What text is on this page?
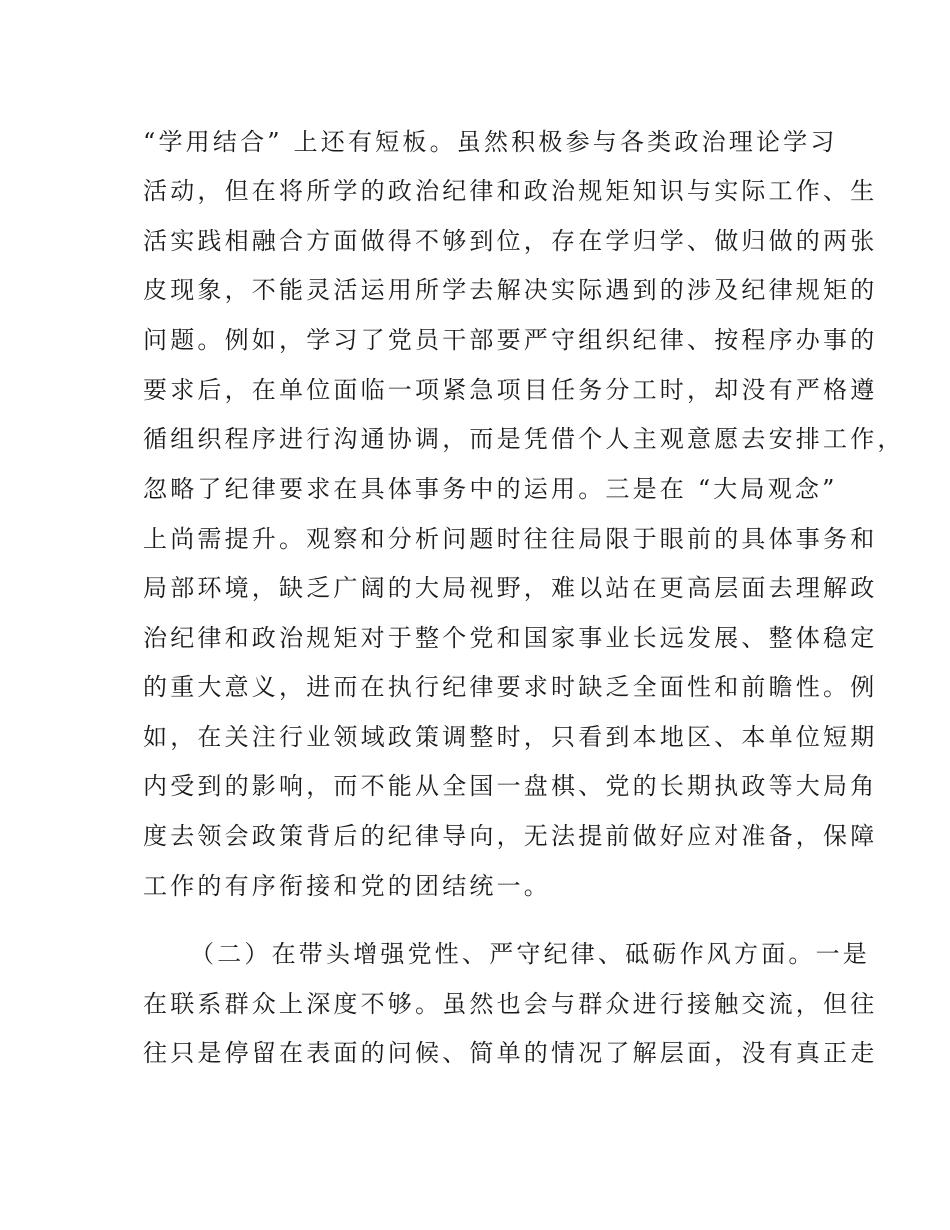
“学用结合” 上还有短板。虽然积极参与各类政治理论学习
活动，但在将所学的政治纪律和政治规矩知识与实际工作、生
活实践相融合方面做得不够到位，存在学归学、做归做的两张
皮现象，不能灵活运用所学去解决实际遇到的涉及纪律规矩的
问题。例如，学习了党员干部要严守组织纪律、按程序办事的
要求后，在单位面临一项紧急项目任务分工时，却没有严格遵
循组织程序进行沟通协调，而是凭借个人主观意愿去安排工作，
忽略了纪律要求在具体事务中的运用。三是在 “大局观念”
上尚需提升。观察和分析问题时往往局限于眼前的具体事务和
局部环境，缺乏广阔的大局视野，难以站在更高层面去理解政
治纪律和政治规矩对于整个党和国家事业长远发展、整体稳定
的重大意义，进而在执行纪律要求时缺乏全面性和前瞻性。例
如，在关注行业领域政策调整时，只看到本地区、本单位短期
内受到的影响，而不能从全国一盘棋、党的长期执政等大局角
度去领会政策背后的纪律导向，无法提前做好应对准备，保障
工作的有序衔接和党的团结统一。
（二）在带头增强党性、严守纪律、砥砺作风方面。一是
在联系群众上深度不够。虽然也会与群众进行接触交流，但往
往只是停留在表面的问候、简单的情况了解层面，没有真正走
